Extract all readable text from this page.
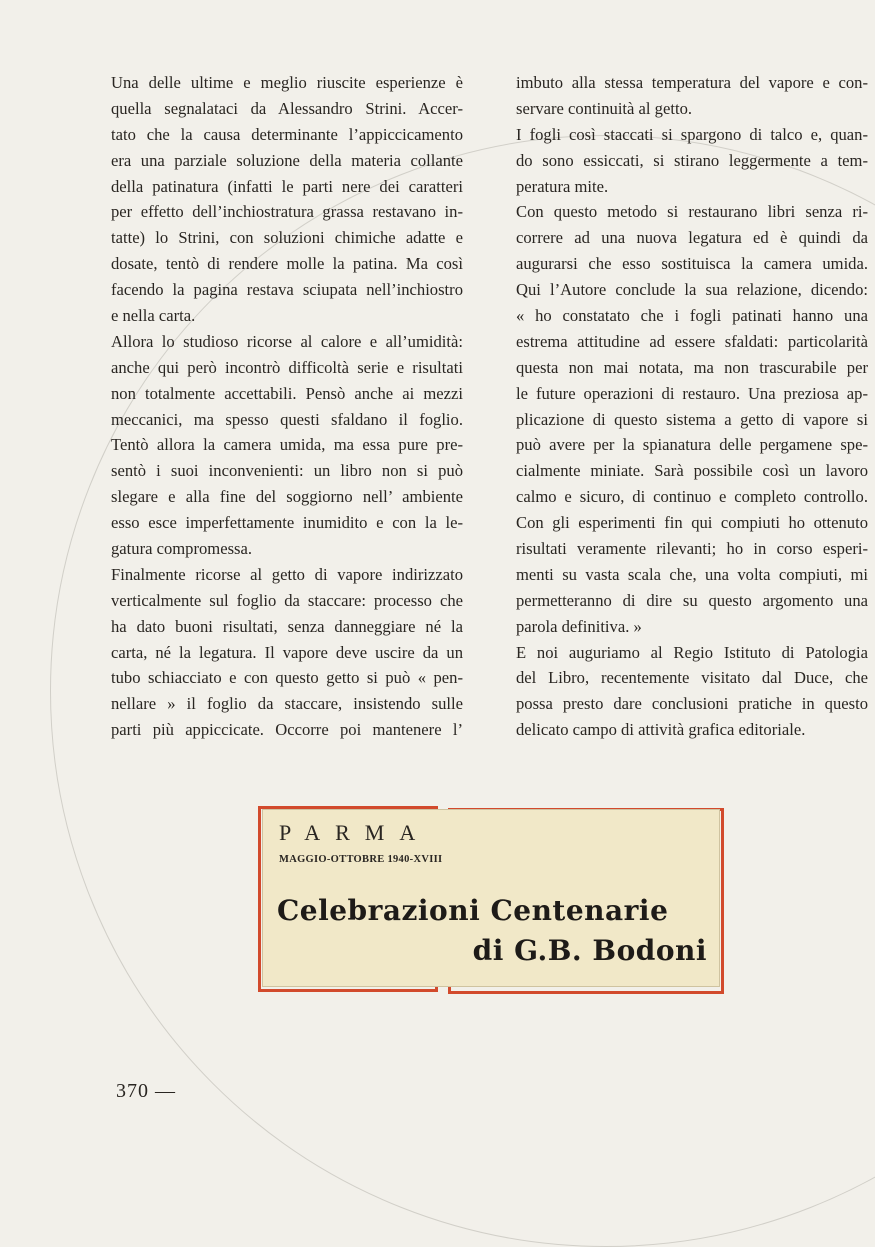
Una delle ultime e meglio riuscite esperienze è
quella segnalataci da Alessandro Strini. Accer-
tato che la causa determinante l’appiccicamento
era una parziale soluzione della materia collante
della patinatura (infatti le parti nere dei caratteri
per effetto dell’inchiostratura grassa restavano in-
tatte) lo Strini, con soluzioni chimiche adatte e
dosate, tentò di rendere molle la patina. Ma così
facendo la pagina restava sciupata nell’inchiostro
e nella carta.
Allora lo studioso ricorse al calore e all’umidità:
anche qui però incontrò difficoltà serie e risultati
non totalmente accettabili. Pensò anche ai mezzi
meccanici, ma spesso questi sfaldano il foglio.
Tentò allora la camera umida, ma essa pure pre-
sentò i suoi inconvenienti: un libro non si può
slegare e alla fine del soggiorno nell’ ambiente
esso esce imperfettamente inumidito e con la le-
gatura compromessa.
Finalmente ricorse al getto di vapore indirizzato
verticalmente sul foglio da staccare: processo che
ha dato buoni risultati, senza danneggiare né la
carta, né la legatura. Il vapore deve uscire da un
tubo schiacciato e con questo getto si può « pen-
nellare » il foglio da staccare, insistendo sulle
parti più appiccicate. Occorre poi mantenere l’
imbuto alla stessa temperatura del vapore e con-
servare continuità al getto.
I fogli così staccati si spargono di talco e, quan-
do sono essiccati, si stirano leggermente a tem-
peratura mite.
Con questo metodo si restaurano libri senza ri-
correre ad una nuova legatura ed è quindi da
augurarsi che esso sostituisca la camera umida.
Qui l’Autore conclude la sua relazione, dicendo:
« ho constatato che i fogli patinati hanno una
estrema attitudine ad essere sfaldati: particolarità
questa non mai notata, ma non trascurabile per
le future operazioni di restauro. Una preziosa ap-
plicazione di questo sistema a getto di vapore si
può avere per la spianatura delle pergamene spe-
cialmente miniate. Sarà possibile così un lavoro
calmo e sicuro, di continuo e completo controllo.
Con gli esperimenti fin qui compiuti ho ottenuto
risultati veramente rilevanti; ho in corso esperi-
menti su vasta scala che, una volta compiuti, mi
permetteranno di dire su questo argomento una
parola definitiva. »
E noi auguriamo al Regio Istituto di Patologia
del Libro, recentemente visitato dal Duce, che
possa presto dare conclusioni pratiche in questo
delicato campo di attività grafica editoriale.
PARMA
MAGGIO-OTTOBRE 1940-XVIII
Celebrazioni Centenarie
di G.B. Bodoni
370 —
